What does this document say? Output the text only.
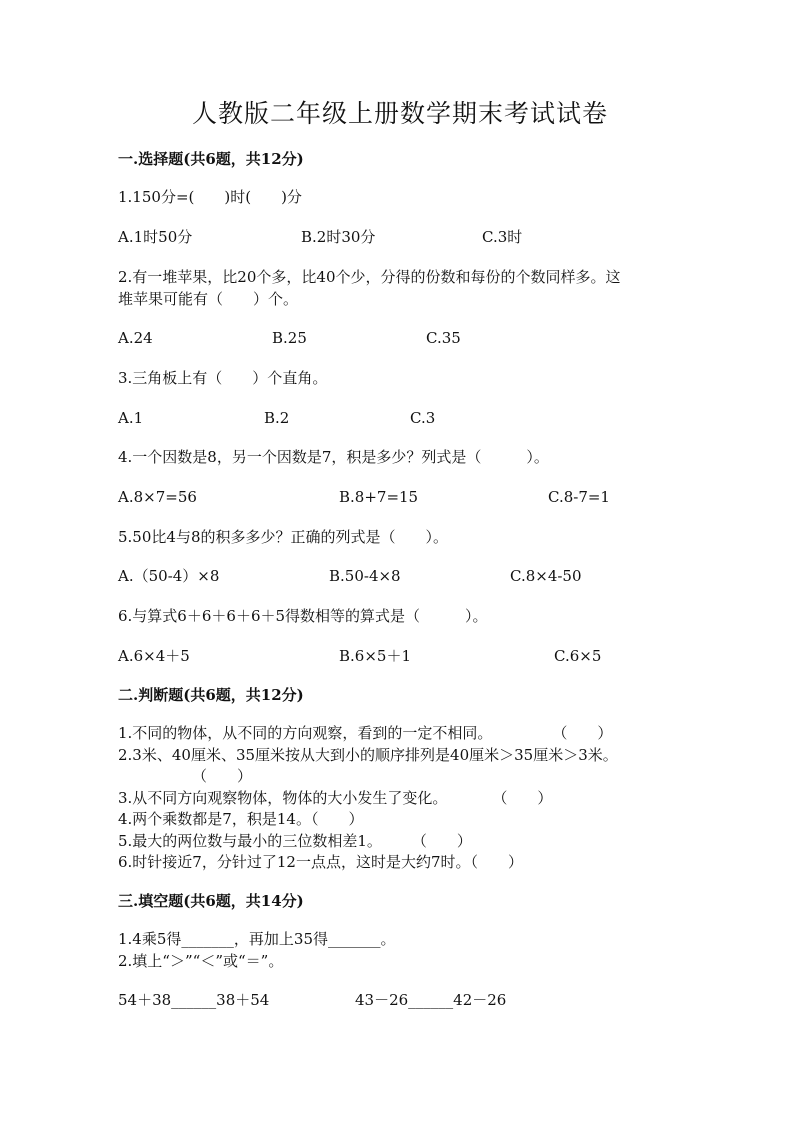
人教版二年级上册数学期末考试试卷
一.选择题(共6题，共12分)
1.150分=(　　)时(　　)分
A.1时50分	B.2时30分	C.3时
2.有一堆苹果，比20个多，比40个少，分得的份数和每份的个数同样多。这
堆苹果可能有（　　）个。
A.24	B.25	C.35
3.三角板上有（　　）个直角。
A.1	B.2	C.3
4.一个因数是8，另一个因数是7，积是多少？列式是（　　　）。
A.8×7=56	B.8+7=15	C.8-7=1
5.50比4与8的积多多少？正确的列式是（　　）。
A.（50-4）×8	B.50-4×8	C.8×4-50
6.与算式6＋6＋6＋6＋5得数相等的算式是（　　　）。
A.6×4＋5	B.6×5＋1	C.6×5
二.判断题(共6题，共12分)
1.不同的物体，从不同的方向观察，看到的一定不相同。　　　　　（　　）
2.3米、40厘米、35厘米按从大到小的顺序排列是40厘米＞35厘米＞3米。
（　　）
3.从不同方向观察物体，物体的大小发生了变化。　　　　（　　）
4.两个乘数都是7，积是14。（　　）
5.最大的两位数与最小的三位数相差1。　　　（　　）
6.时针接近7，分针过了12一点点，这时是大约7时。（　　）
三.填空题(共6题，共14分)
1.4乘5得_______，再加上35得_______。
2.填上“＞”“＜”或“＝”。
54＋38______38＋54	43－26______42－26
